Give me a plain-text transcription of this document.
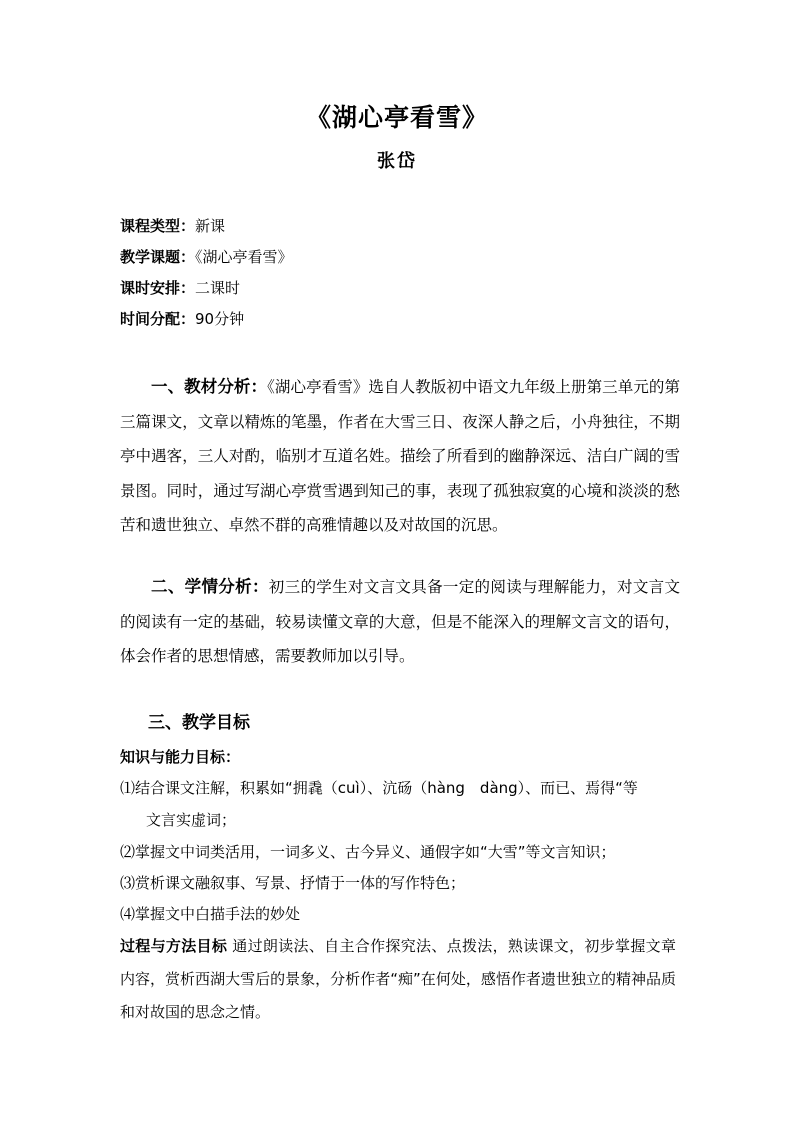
《湖心亭看雪》
张岱
课程类型：新课
教学课题：《湖心亭看雪》
课时安排：二课时
时间分配：90分钟

一、教材分析：《湖心亭看雪》选自人教版初中语文九年级上册第三单元的第三篇课文，文章以精炼的笔墨，作者在大雪三日、夜深人静之后，小舟独往，不期亭中遇客，三人对酌，临别才互道名姓。描绘了所看到的幽静深远、洁白广阔的雪景图。同时，通过写湖心亭赏雪遇到知己的事，表现了孤独寂寞的心境和淡淡的愁苦和遗世独立、卓然不群的高雅情趣以及对故国的沉思。

二、学情分析：初三的学生对文言文具备一定的阅读与理解能力，对文言文的阅读有一定的基础，较易读懂文章的大意，但是不能深入的理解文言文的语句，体会作者的思想情感，需要教师加以引导。

三、教学目标
知识与能力目标：
⑴结合课文注解，积累如“拥毳（cuì）、沆砀（hàng　dàng）、而已、焉得“等
文言实虚词；
⑵掌握文中词类活用，一词多义、古今异义、通假字如“大雪”等文言知识；
⑶赏析课文融叙事、写景、抒情于一体的写作特色；
⑷掌握文中白描手法的妙处

过程与方法目标 通过朗读法、自主合作探究法、点拨法，熟读课文，初步掌握文章内容，赏析西湖大雪后的景象，分析作者“痴”在何处，感悟作者遗世独立的精神品质和对故国的思念之情。
